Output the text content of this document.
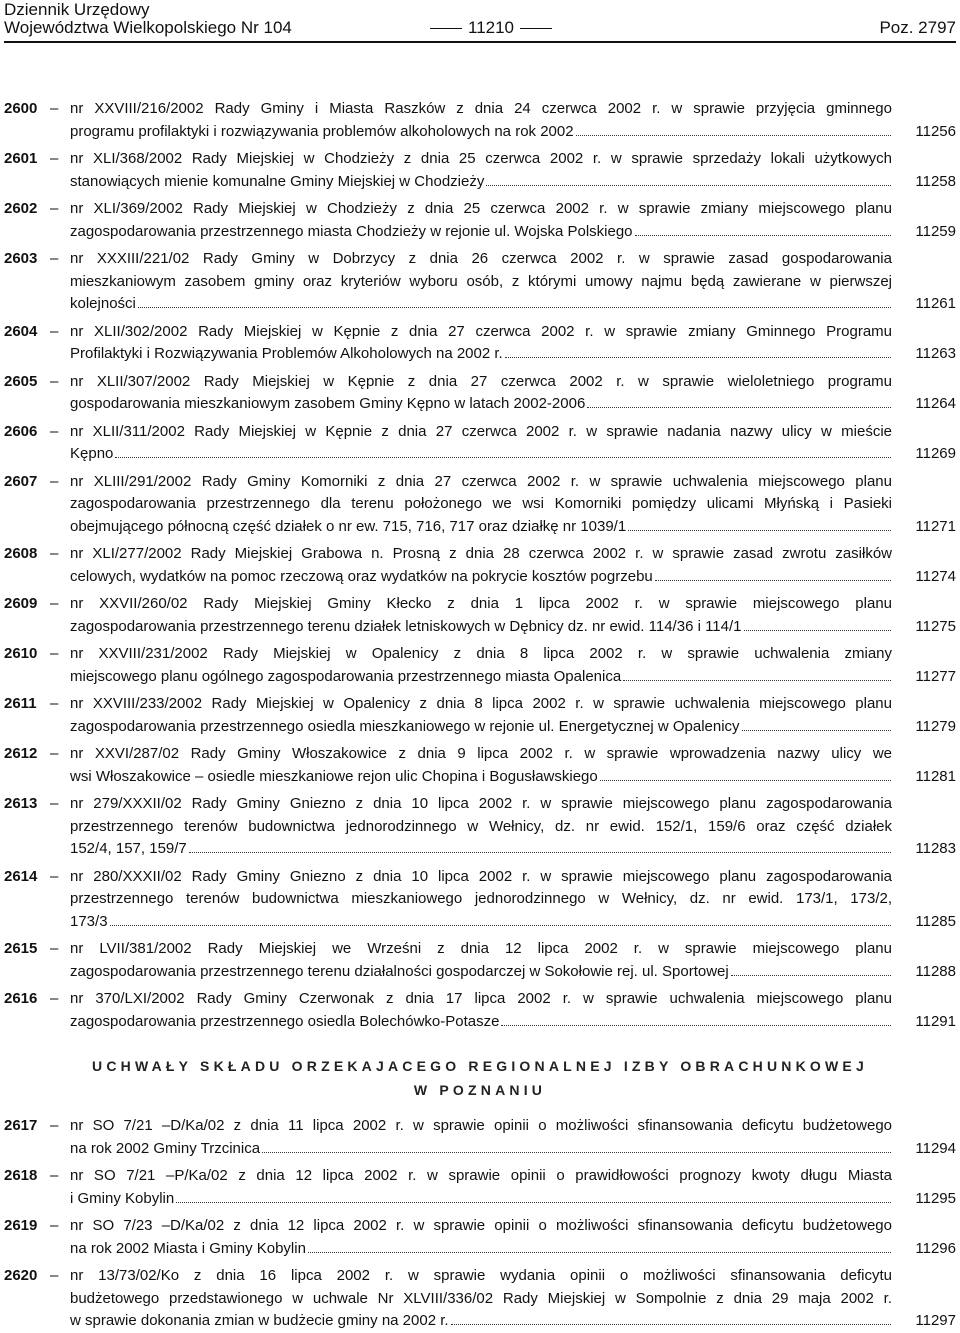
Dziennik Urzędowy
Województwa Wielkopolskiego Nr 104	11210	Poz. 2797
2600 – nr XXVIII/216/2002 Rady Gminy i Miasta Raszków z dnia 24 czerwca 2002 r. w sprawie przyjęcia gminnego
programu profilaktyki i rozwiązywania problemów alkoholowych na rok 2002	11256
2601 – nr XLI/368/2002 Rady Miejskiej w Chodzieży z dnia 25 czerwca 2002 r. w sprawie sprzedaży lokali użytkowych
stanowiących mienie komunalne Gminy Miejskiej w Chodzieży	11258
2602 – nr XLI/369/2002 Rady Miejskiej w Chodzieży z dnia 25 czerwca 2002 r. w sprawie zmiany miejscowego planu
zagospodarowania przestrzennego miasta Chodzieży w rejonie ul. Wojska Polskiego	11259
2603 – nr XXXIII/221/02 Rady Gminy w Dobrzycy z dnia 26 czerwca 2002 r. w sprawie zasad gospodarowania
mieszkaniowym zasobem gminy oraz kryteriów wyboru osób, z którymi umowy najmu będą zawierane w pierwszej
kolejności	11261
2604 – nr XLII/302/2002 Rady Miejskiej w Kępnie z dnia 27 czerwca 2002 r. w sprawie zmiany Gminnego Programu
Profilaktyki i Rozwiązywania Problemów Alkoholowych na 2002 r.	11263
2605 – nr XLII/307/2002 Rady Miejskiej w Kępnie z dnia 27 czerwca 2002 r. w sprawie wieloletniego programu
gospodarowania mieszkaniowym zasobem Gminy Kępno w latach 2002-2006	11264
2606 – nr XLII/311/2002 Rady Miejskiej w Kępnie z dnia 27 czerwca 2002 r. w sprawie nadania nazwy ulicy w mieście
Kępno	11269
2607 – nr XLIII/291/2002 Rady Gminy Komorniki z dnia 27 czerwca 2002 r. w sprawie uchwalenia miejscowego planu
zagospodarowania przestrzennego dla terenu położonego we wsi Komorniki pomiędzy ulicami Młyńską i Pasieki
obejmującego północną część działek o nr ew. 715, 716, 717 oraz działkę nr 1039/1	11271
2608 – nr XLI/277/2002 Rady Miejskiej Grabowa n. Prosną z dnia 28 czerwca 2002 r. w sprawie zasad zwrotu zasiłków
celowych, wydatków na pomoc rzeczową oraz wydatków na pokrycie kosztów pogrzebu	11274
2609 – nr XXVII/260/02 Rady Miejskiej Gminy Kłecko z dnia 1 lipca 2002 r. w sprawie miejscowego planu
zagospodarowania przestrzennego terenu działek letniskowych w Dębnicy dz. nr ewid. 114/36 i 114/1	11275
2610 – nr XXVIII/231/2002 Rady Miejskiej w Opalenicy z dnia 8 lipca 2002 r. w sprawie uchwalenia zmiany
miejscowego planu ogólnego zagospodarowania przestrzennego miasta Opalenica	11277
2611 – nr XXVIII/233/2002 Rady Miejskiej w Opalenicy z dnia 8 lipca 2002 r. w sprawie uchwalenia miejscowego planu
zagospodarowania przestrzennego osiedla mieszkaniowego w rejonie ul. Energetycznej w Opalenicy	11279
2612 – nr XXVI/287/02 Rady Gminy Włoszakowice z dnia 9 lipca 2002 r. w sprawie wprowadzenia nazwy ulicy we
wsi Włoszakowice – osiedle mieszkaniowe rejon ulic Chopina i Bogusławskiego	11281
2613 – nr 279/XXXII/02 Rady Gminy Gniezno z dnia 10 lipca 2002 r. w sprawie miejscowego planu zagospodarowania
przestrzennego terenów budownictwa jednorodzinnego w Wełnicy, dz. nr ewid. 152/1, 159/6 oraz część działek
152/4, 157, 159/7	11283
2614 – nr 280/XXXII/02 Rady Gminy Gniezno z dnia 10 lipca 2002 r. w sprawie miejscowego planu zagospodarowania
przestrzennego terenów budownictwa mieszkaniowego jednorodzinnego w Wełnicy, dz. nr ewid. 173/1, 173/2,
173/3	11285
2615 – nr LVII/381/2002 Rady Miejskiej we Wrześni z dnia 12 lipca 2002 r. w sprawie miejscowego planu
zagospodarowania przestrzennego terenu działalności gospodarczej w Sokołowie rej. ul. Sportowej	11288
2616 – nr 370/LXI/2002 Rady Gminy Czerwonak z dnia 17 lipca 2002 r. w sprawie uchwalenia miejscowego planu
zagospodarowania przestrzennego osiedla Bolechówko-Potasze	11291
UCHWAŁY SKŁADU ORZEKAJACEGO REGIONALNEJ IZBY OBRACHUNKOWEJ
W POZNANIU
2617 – nr SO 7/21 –D/Ka/02 z dnia 11 lipca 2002 r. w sprawie opinii o możliwości sfinansowania deficytu budżetowego
na rok 2002 Gminy Trzcinica	11294
2618 – nr SO 7/21 –P/Ka/02 z dnia 12 lipca 2002 r. w sprawie opinii o prawidłowości prognozy kwoty długu Miasta
i Gminy Kobylin	11295
2619 – nr SO 7/23 –D/Ka/02 z dnia 12 lipca 2002 r. w sprawie opinii o możliwości sfinansowania deficytu budżetowego
na rok 2002 Miasta i Gminy Kobylin	11296
2620 – nr 13/73/02/Ko z dnia 16 lipca 2002 r. w sprawie wydania opinii o możliwości sfinansowania deficytu
budżetowego przedstawionego w uchwale Nr XLVIII/336/02 Rady Miejskiej w Sompolnie z dnia 29 maja 2002 r.
w sprawie dokonania zmian w budżecie gminy na 2002 r.	11297
